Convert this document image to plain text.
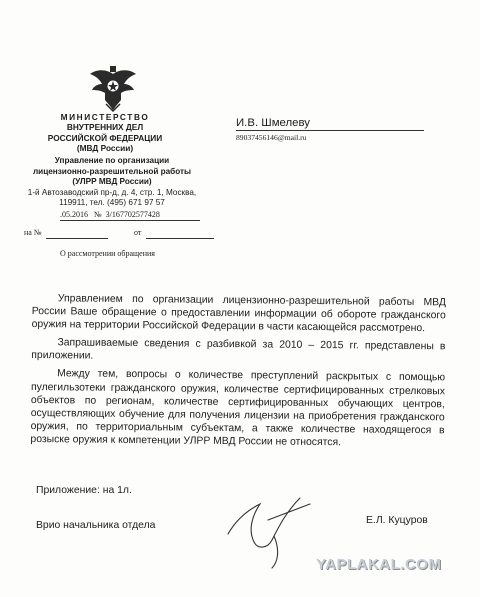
МИНИСТЕРСТВО
ВНУТРЕННИХ ДЕЛ
РОССИЙСКОЙ ФЕДЕРАЦИИ
(МВД России)
Управление по организации
лицензионно-разрешительной работы
(УЛРР МВД России)
1-й Автозаводский пр-д, д. 4, стр. 1, Москва,
119911, тел. (495) 671 97 57
.05.2016 № 3/167702577428
на №	от
О рассмотрении обращения
И.В. Шмелеву
89037456146@mail.ru

Управлением по организации лицензионно-разрешительной работы МВД России Ваше обращение о предоставлении информации об обороте гражданского оружия на территории Российской Федерации в части касающейся рассмотрено.

Запрашиваемые сведения с разбивкой за 2010 – 2015 гг. представлены в приложении.

Между тем, вопросы о количестве преступлений раскрытых с помощью пулегильзотеки гражданского оружия, количестве сертифицированных стрелковых объектов по регионам, количестве сертифицированных обучающих центров, осуществляющих обучение для получения лицензии на приобретения гражданского оружия, по территориальным субъектам, а также количестве находящегося в розыске оружия к компетенции УЛРР МВД России не относятся.

Приложение: на 1л.
Врио начальника отдела	Е.Л. Куцуров
YAPLAKAL.COM
